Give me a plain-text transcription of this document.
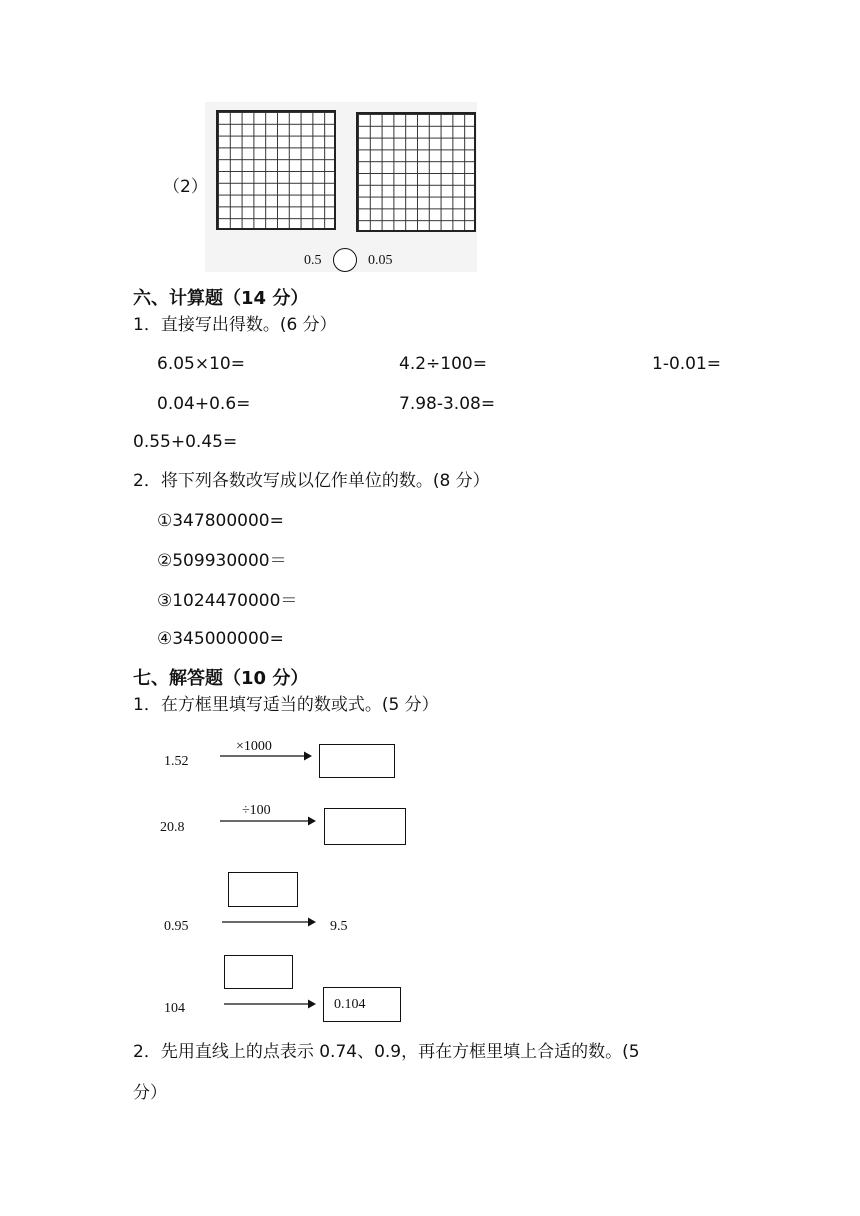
（2）
0.5	0.05
六、计算题（14 分）
1．直接写出得数。(6 分）
6.05×10=	4.2÷100=	1-0.01=
0.04+0.6=	7.98-3.08=
0.55+0.45=
2．将下列各数改写成以亿作单位的数。(8 分）
①347800000=
②509930000＝
③1024470000＝
④345000000=
七、解答题（10 分）
1．在方框里填写适当的数或式。(5 分）
1.52
×1000
20.8
÷100
0.95	9.5
104	0.104
2．先用直线上的点表示 0.74、0.9，再在方框里填上合适的数。(5
分）
